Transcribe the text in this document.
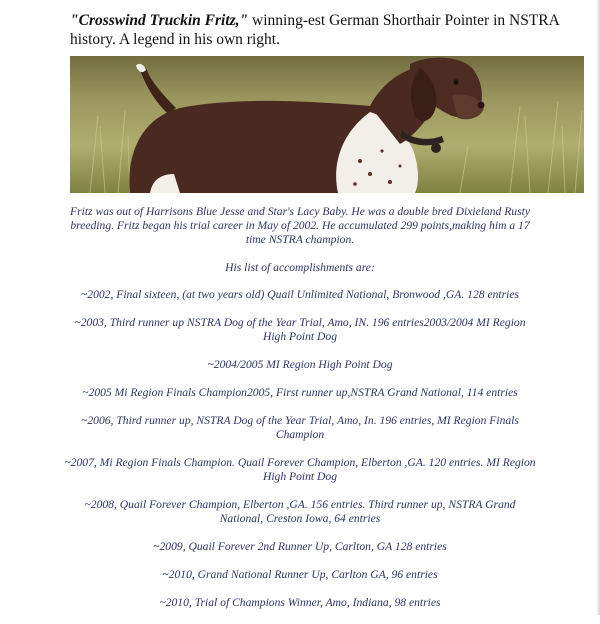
"Crosswind Truckin Fritz," winning-est German Shorthair Pointer in NSTRA history. A legend in his own right.

Fritz was out of Harrisons Blue Jesse and Star's Lacy Baby. He was a double bred Dixieland Rusty breeding. Fritz began his trial career in May of 2002. He accumulated 299 points,making him a 17 time NSTRA champion.

His list of accomplishments are:

~2002, Final sixteen, (at two years old) Quail Unlimited National, Bronwood ,GA. 128 entries

~2003, Third runner up NSTRA Dog of the Year Trial, Amo, IN. 196 entries2003/2004 MI Region High Point Dog

~2004/2005 MI Region High Point Dog

~2005 Mi Region Finals Champion2005, First runner up,NSTRA Grand National, 114 entries

~2006, Third runner up, NSTRA Dog of the Year Trial, Amo, In. 196 entries, MI Region Finals Champion

~2007, Mi Region Finals Champion. Quail Forever Champion, Elberton ,GA. 120 entries. MI Region High Point Dog

~2008, Quail Forever Champion, Elberton ,GA. 156 entries. Third runner up, NSTRA Grand National, Creston Iowa, 64 entries

~2009, Quail Forever 2nd Runner Up, Carlton, GA 128 entries

~2010, Grand National Runner Up, Carlton GA, 96 entries

~2010, Trial of Champions Winner, Amo, Indiana, 98 entries
